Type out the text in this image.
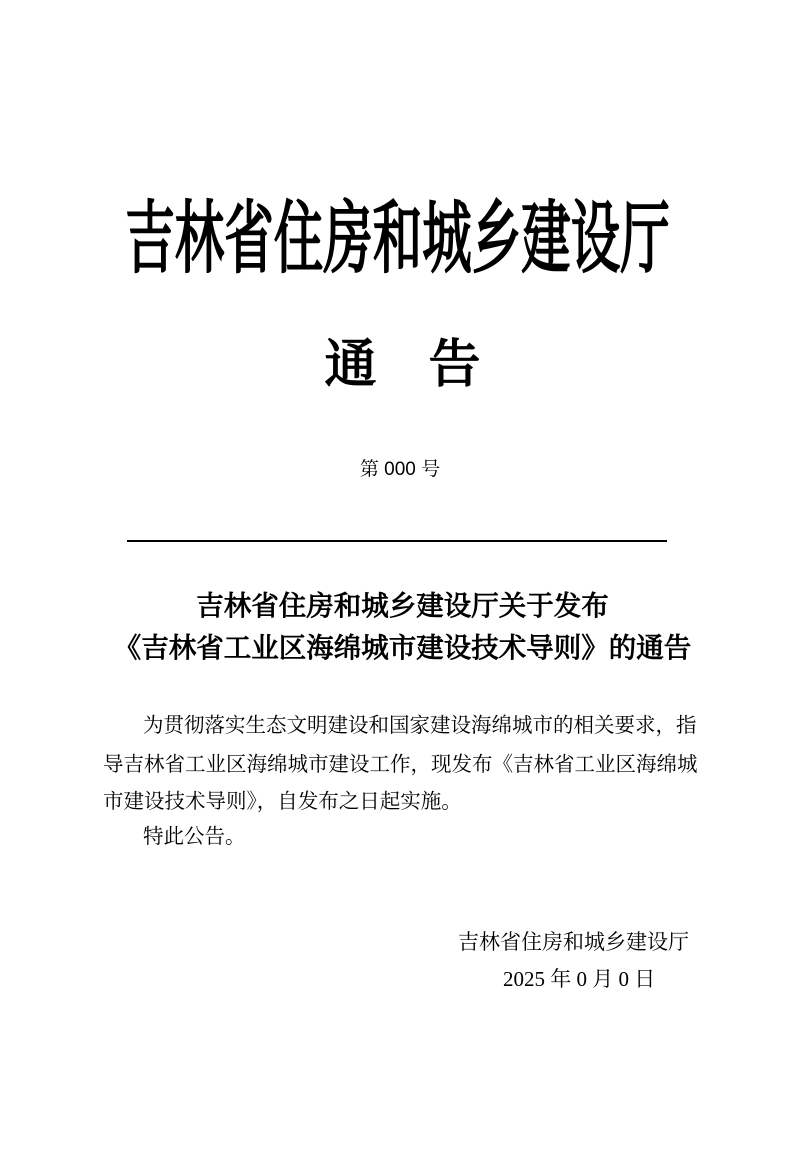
吉林省住房和城乡建设厅
通　告
第 000 号
吉林省住房和城乡建设厅关于发布
《吉林省工业区海绵城市建设技术导则》的通告
为贯彻落实生态文明建设和国家建设海绵城市的相关要求，指
导吉林省工业区海绵城市建设工作，现发布《吉林省工业区海绵城
市建设技术导则》，自发布之日起实施。
特此公告。
吉林省住房和城乡建设厅
2025 年 0 月 0 日
